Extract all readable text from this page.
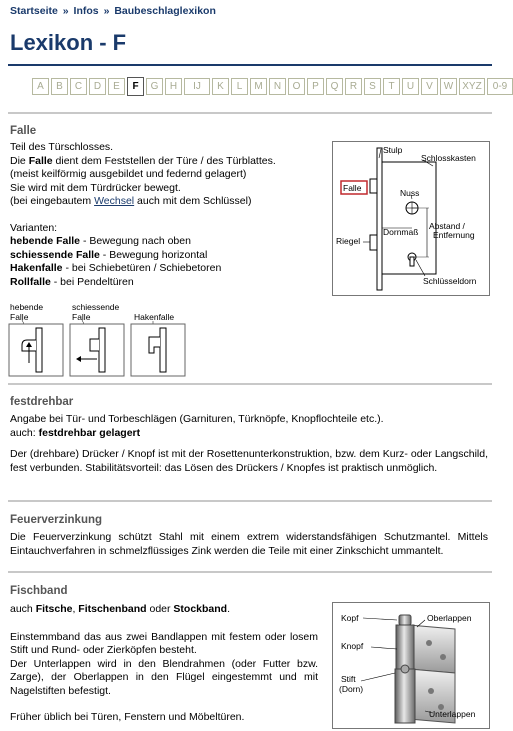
Startseite » Infos » Baubeschlaglexikon
Lexikon - F
A	B	C	D	E	F	G	H	IJ	K	L	M	N	O	P	Q	R	S	T	U	V	W XYZ	0-9
Falle

Teil des Türschlosses.

Die Falle dient dem Feststellen der Türe / des Türblattes.

(meist keilförmig ausgebildet und federnd gelagert)

Sie wird mit dem Türdrücker bewegt.

(bei eingebautem Wechsel auch mit dem Schlüssel)

Varianten:

hebende Falle - Bewegung nach oben

schiessende Falle - Bewegung horizontal

Hakenfalle - bei Schiebetüren / Schiebetoren

Rollfalle - bei Pendeltüren

Falle
Stulp
Schlosskasten
Nuss
Abstand /
Entfernung
Dornmaß
Riegel
Schlüsseldorn
hebende
Falle
schiessende
Falle	Hakenfalle
festdrehbar

Angabe bei Tür- und Torbeschlägen (Garnituren, Türknöpfe, Knopflochteile etc.).

auch: festdrehbar gelagert

Der (drehbare) Drücker / Knopf ist mit der Rosettenunterkonstruktion, bzw. dem Kurz- oder Langschild, fest verbunden. Stabilitätsvorteil: das Lösen des Drückers / Knopfes ist praktisch unmöglich.

Feuerverzinkung

Die Feuerverzinkung schützt Stahl mit einem extrem widerstandsfähigen Schutzmantel. Mittels Eintauchverfahren in schmelzflüssiges Zink werden die Teile mit einer Zinkschicht ummantelt.

Fischband

auch Fitsche, Fitschenband oder Stockband.

Einstemmband das aus zwei Bandlappen mit festem oder losem Stift und Rund- oder Zierköpfen besteht.

Der Unterlappen wird in den Blendrahmen (oder Futter bzw. Zarge), der Oberlappen in den Flügel eingestemmt und mit Nagelstiften befestigt.

Früher üblich bei Türen, Fenstern und Möbeltüren.

Kopf	Oberlappen
Knopf
Stift
(Dorn)
Unterlappen
